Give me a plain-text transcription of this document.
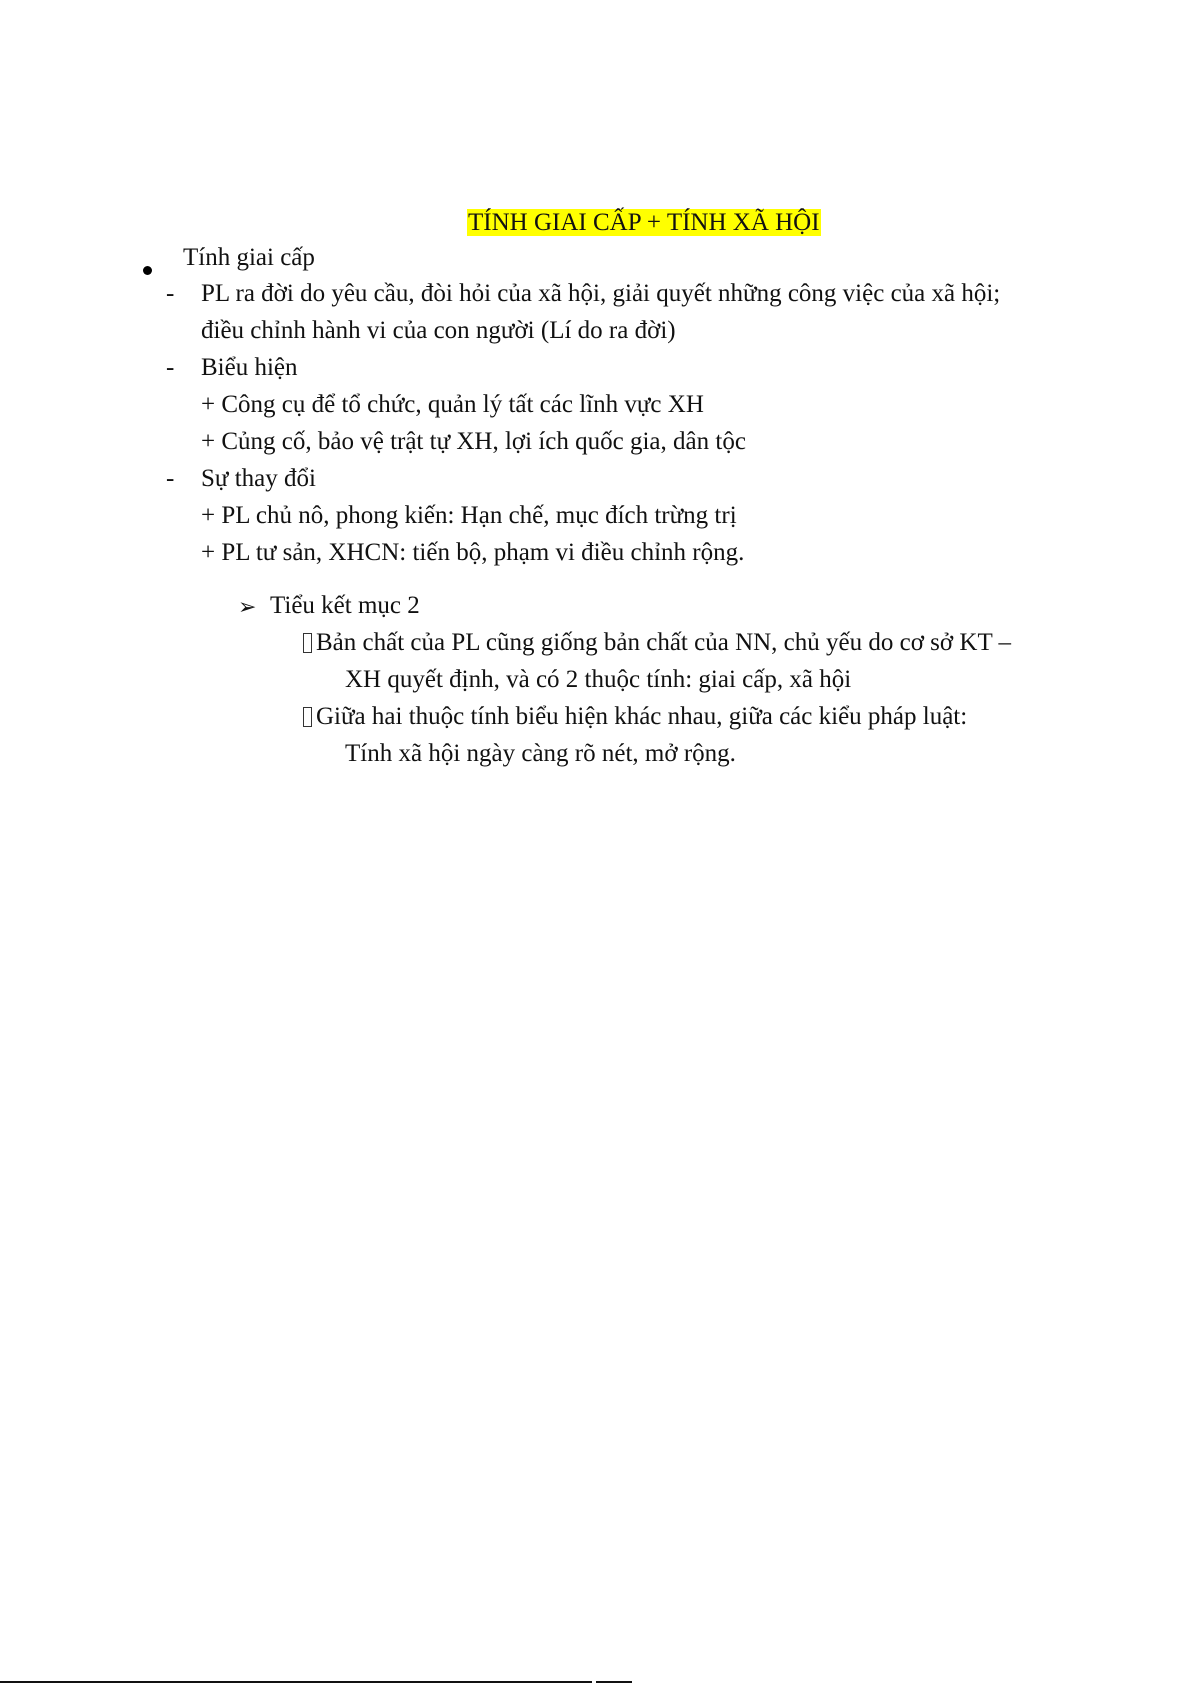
TÍNH GIAI CẤP + TÍNH XÃ HỘI
Tính giai cấp
- PL ra đời do yêu cầu, đòi hỏi của xã hội, giải quyết những công việc của xã hội;
điều chỉnh hành vi của con người (Lí do ra đời)
- Biểu hiện
+ Công cụ để tổ chức, quản lý tất các lĩnh vực XH
+ Củng cố, bảo vệ trật tự XH, lợi ích quốc gia, dân tộc
- Sự thay đổi
+ PL chủ nô, phong kiến: Hạn chế, mục đích trừng trị
+ PL tư sản, XHCN: tiến bộ, phạm vi điều chỉnh rộng.
➢ Tiểu kết mục 2
Bản chất của PL cũng giống bản chất của NN, chủ yếu do cơ sở KT –
XH quyết định, và có 2 thuộc tính: giai cấp, xã hội
Giữa hai thuộc tính biểu hiện khác nhau, giữa các kiểu pháp luật:
Tính xã hội ngày càng rõ nét, mở rộng.
